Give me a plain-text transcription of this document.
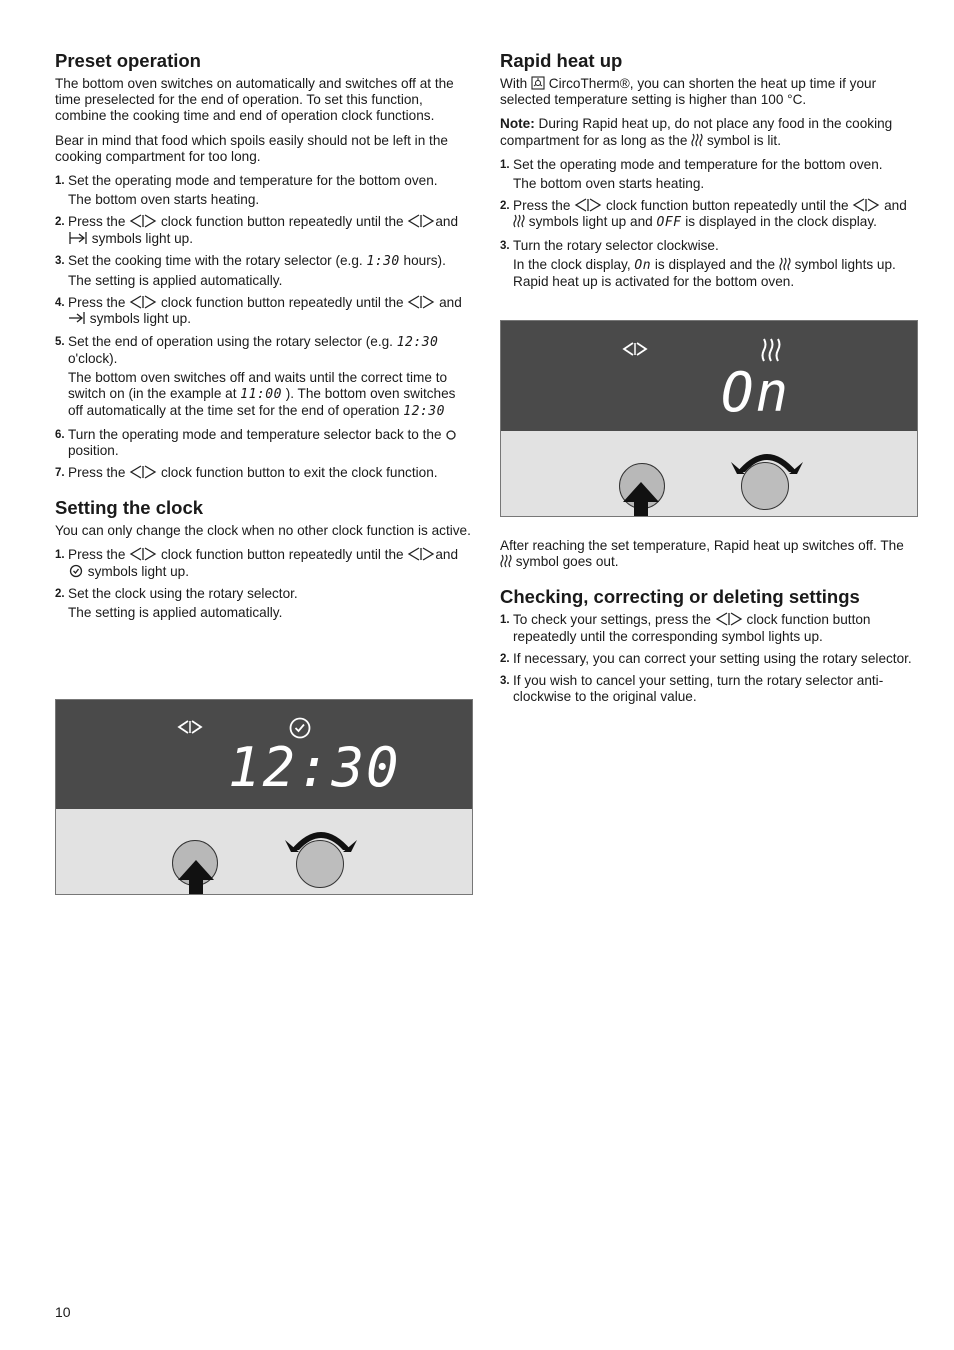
Preset operation

The bottom oven switches on automatically and switches off at the time preselected for the end of operation. To set this function, combine the cooking time and end of operation clock functions.

Bear in mind that food which spoils easily should not be left in the cooking compartment for too long.

1. Set the operating mode and temperature for the bottom oven.
The bottom oven starts heating.
2. Press the	clock function button repeatedly until the and  symbols light up.
3. Set the cooking time with the rotary selector (e.g. 1:30 hours).
The setting is applied automatically.
4. Press the	clock function button repeatedly until the	and  symbols light up.
5. Set the end of operation using the rotary selector (e.g. 12:30 o'clock).
The bottom oven switches off and waits until the correct time to switch on (in the example at 11:00 ). The bottom oven switches off automatically at the time set for the end of operation 12:30
6. Turn the operating mode and temperature selector back to the  position.
7. Press the	clock function button to exit the clock function.
Setting the clock

You can only change the clock when no other clock function is active.

1. Press the	clock function button repeatedly until the and  symbols light up.
2. Set the clock using the rotary selector.
The setting is applied automatically.
12:30
Rapid heat up

With CircoTherm®, you can shorten the heat up time if your selected temperature setting is higher than 100 °C.

Note: During Rapid heat up, do not place any food in the cooking compartment for as long as the symbol is lit.

1. Set the operating mode and temperature for the bottom oven.
The bottom oven starts heating.
2. Press the	clock function button repeatedly until the	and  symbols light up and OFF is displayed in the clock display.
3. Turn the rotary selector clockwise.
In the clock display, On is displayed and the symbol lights up. Rapid heat up is activated for the bottom oven.
On

After reaching the set temperature, Rapid heat up switches off. The  symbol goes out.

Checking, correcting or deleting settings
1. To check your settings, press the	clock function button repeatedly until the corresponding symbol lights up.
2. If necessary, you can correct your setting using the rotary selector.
3. If you wish to cancel your setting, turn the rotary selector anti-clockwise to the original value.
10
